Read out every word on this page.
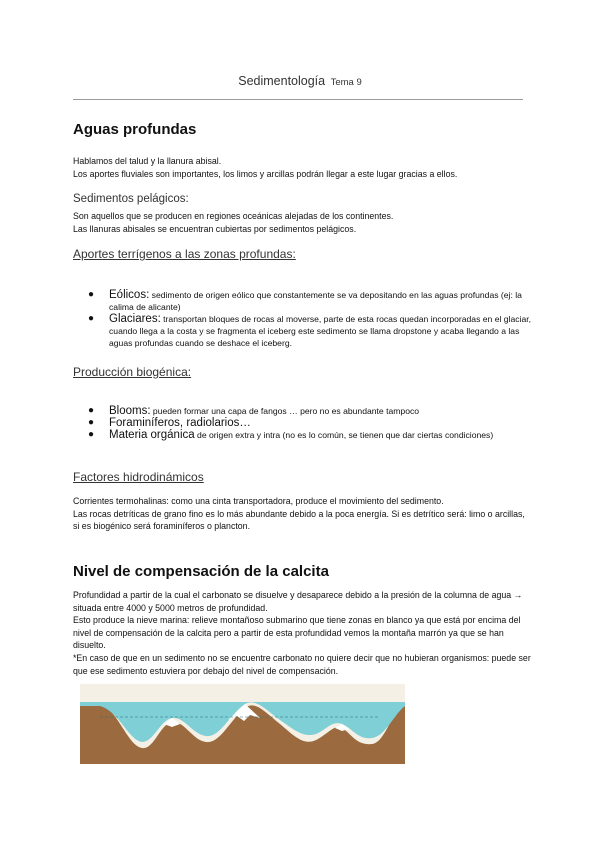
Sedimentología Tema 9
Aguas profundas

Hablamos del talud y la llanura abisal.

Los aportes fluviales son importantes, los limos y arcillas podrán llegar a este lugar gracias a ellos.

Sedimentos pelágicos:

Son aquellos que se producen en regiones oceánicas alejadas de los continentes.

Las llanuras abisales se encuentran cubiertas por sedimentos pelágicos.

Aportes terrígenos a las zonas profundas:
● Eólicos: sedimento de origen eólico que constantemente se va depositando en las aguas profundas (ej: la calima de alicante)
● Glaciares: transportan bloques de rocas al moverse, parte de esta rocas quedan incorporadas en el glaciar, cuando llega a la costa y se fragmenta el iceberg este sedimento se llama dropstone y acaba llegando a las aguas profundas cuando se deshace el iceberg.
Producción biogénica:
● Blooms: pueden formar una capa de fangos … pero no es abundante tampoco
● Foraminíferos, radiolarios…
● Materia orgánica de origen extra y intra (no es lo común, se tienen que dar ciertas condiciones)
Factores hidrodinámicos

Corrientes termohalinas: como una cinta transportadora, produce el movimiento del sedimento.

Las rocas detríticas de grano fino es lo más abundante debido a la poca energía. Si es detrítico será: limo o arcillas, si es biogénico será foraminíferos o plancton.

Nivel de compensación de la calcita

Profundidad a partir de la cual el carbonato se disuelve y desaparece debido a la presión de la columna de agua → situada entre 4000 y 5000 metros de profundidad.

Esto produce la nieve marina: relieve montañoso submarino que tiene zonas en blanco ya que está por encima del nivel de compensación de la calcita pero a partir de esta profundidad vemos la montaña marrón ya que se han disuelto.

*En caso de que en un sedimento no se encuentre carbonato no quiere decir que no hubieran organismos: puede ser que ese sedimento estuviera por debajo del nivel de compensación.
